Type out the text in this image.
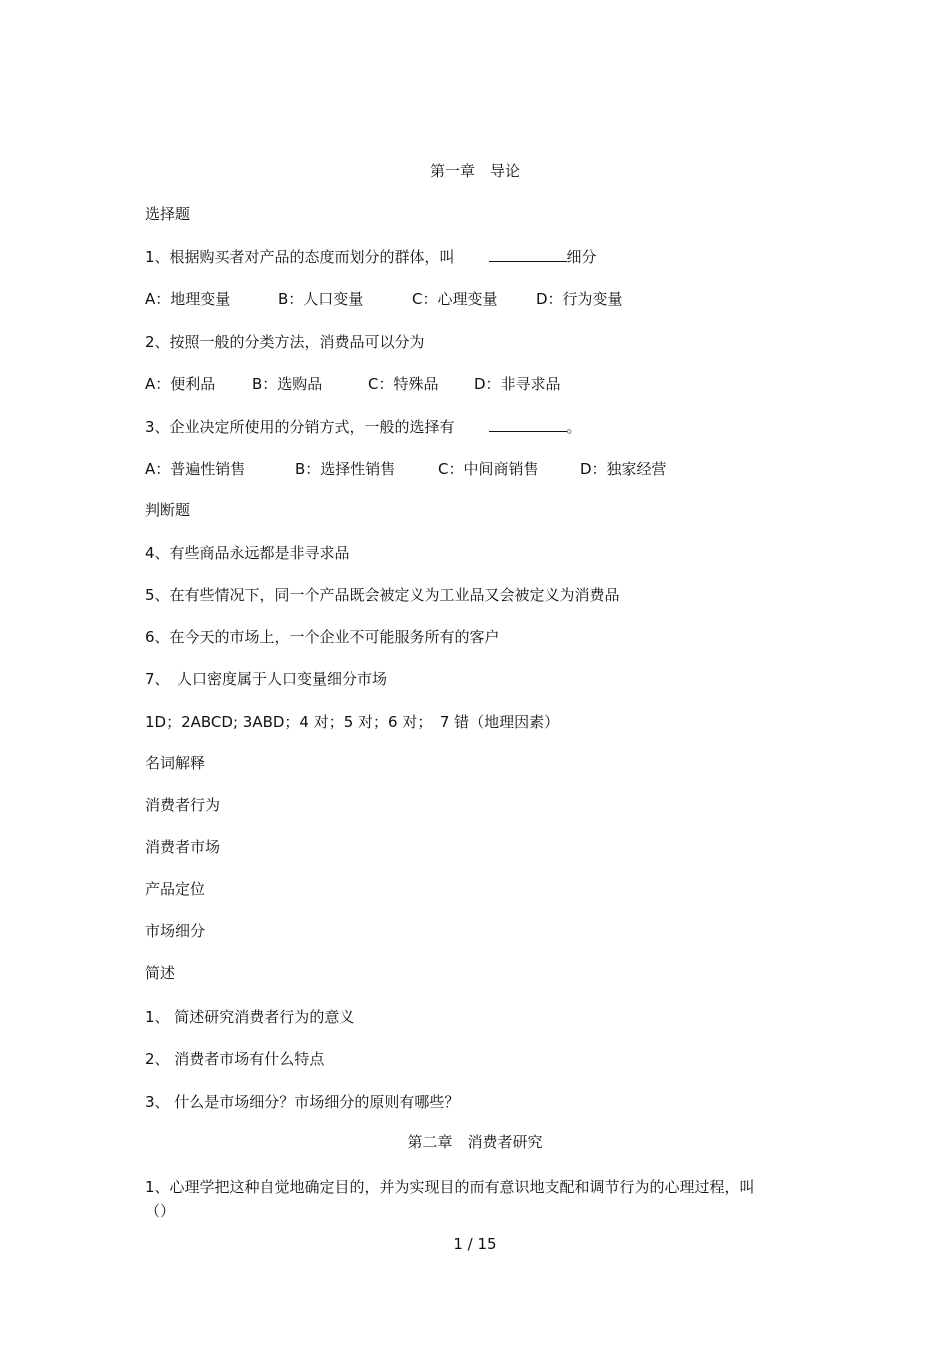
第一章　导论
选择题
1、根据购买者对产品的态度而划分的群体，叫	细分
A：地理变量	B：人口变量	C：心理变量	D：行为变量
2、按照一般的分类方法，消费品可以分为
A：便利品 B：选购品	C：特殊品 D：非寻求品
3、企业决定所使用的分销方式，一般的选择有	。
A：普遍性销售	B：选择性销售	C：中间商销售	D：独家经营
判断题
4、有些商品永远都是非寻求品
5、在有些情况下，同一个产品既会被定义为工业品又会被定义为消费品
6、在今天的市场上，一个企业不可能服务所有的客户
7、　人口密度属于人口变量细分市场
1D；2ABCD; 3ABD；4 对；5 对；6 对；　7 错（地理因素）
名词解释
消费者行为
消费者市场
产品定位
市场细分
简述
1、 简述研究消费者行为的意义
2、 消费者市场有什么特点
3、 什么是市场细分？市场细分的原则有哪些？
第二章　消费者研究
1、心理学把这种自觉地确定目的，并为实现目的而有意识地支配和调节行为的心理过程，叫（）
1 / 15
